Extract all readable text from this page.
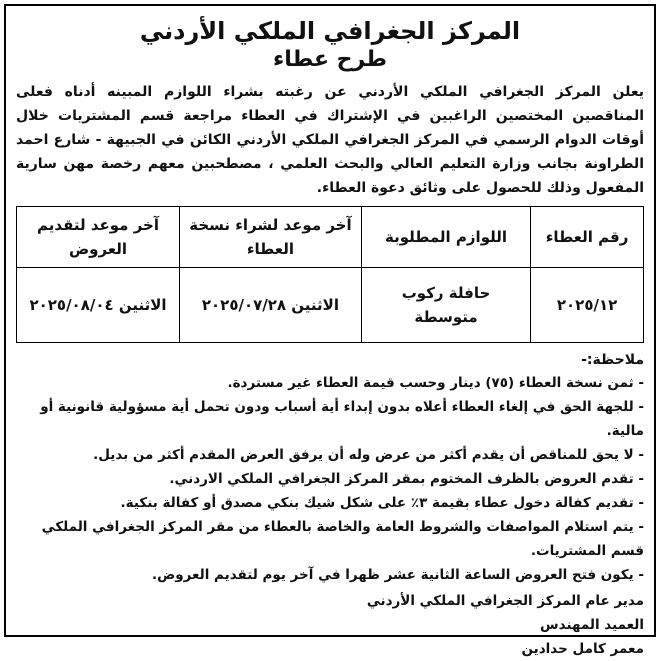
المركز الجغرافي الملكي الأردني
طرح عطاء

يعلن المركز الجغرافي الملكي الأردني عن رغبته بشراء اللوازم المبينه أدناه فعلى المناقصين المختصين الراغبين في الإشتراك في العطاء مراجعة قسم المشتريات خلال أوقات الدوام الرسمي في المركز الجغرافي الملكي الأردني الكائن في الجبيهة - شارع احمد الطراونة بجانب وزارة التعليم العالي والبحث العلمي ، مصطحبين معهم رخصة مهن سارية المفعول وذلك للحصول على وثائق دعوة العطاء.

رقم العطاء	اللوازم المطلوبة	آخر موعد لشراء نسخة العطاء	آخر موعد لتقديم العروض
٢٠٢٥/١٢	حافلة ركوب متوسطة	الاثنين ٢٠٢٥/٠٧/٢٨	الاثنين ٢٠٢٥/٠٨/٠٤
ملاحظة:-
- ثمن نسخة العطاء (٧٥) دينار وحسب قيمة العطاء غير مستردة.
- للجهة الحق في إلغاء العطاء أعلاه بدون إبداء أية أسباب ودون تحمل أية مسؤولية قانونية أو مالية.
- لا يحق للمناقص أن يقدم أكثر من عرض وله أن يرفق العرض المقدم أكثر من بديل.
- تقدم العروض بالظرف المختوم بمقر المركز الجغرافي الملكي الاردني.
- تقديم كفالة دخول عطاء بقيمة ٣٪ على شكل شيك بنكي مصدق أو كفالة بنكية.
- يتم استلام المواصفات والشروط العامة والخاصة بالعطاء من مقر المركز الجغرافي الملكي قسم المشتريات.
- يكون فتح العروض الساعة الثانية عشر ظهرا في آخر يوم لتقديم العروض.
مدير عام المركز الجغرافي الملكي الأردني
العميد المهندس
معمر كامل حدادين
